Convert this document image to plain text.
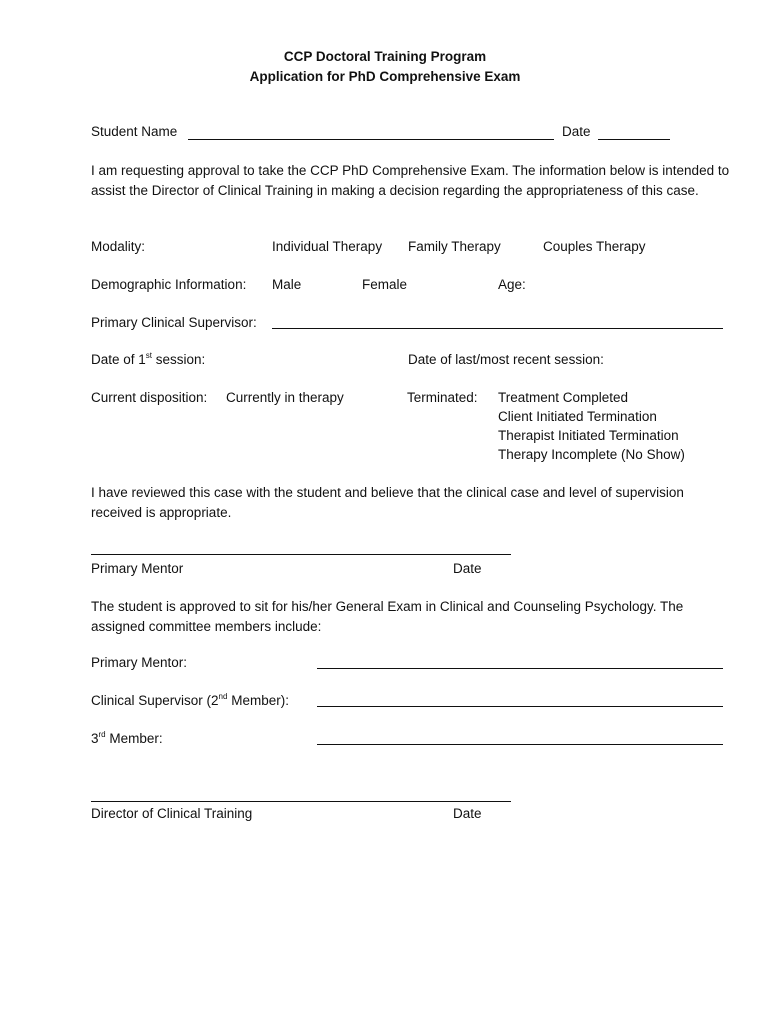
CCP Doctoral Training Program
Application for PhD Comprehensive Exam
Student Name	Date

I am requesting approval to take the CCP PhD Comprehensive Exam. The information below is intended to assist the Director of Clinical Training in making a decision regarding the appropriateness of this case.

Modality:	Individual Therapy Family Therapy	Couples Therapy
Demographic Information: Male	Female	Age:
Primary Clinical Supervisor:
Date of 1st session:	Date of last/most recent session:
Current disposition: Currently in therapy	Terminated: Treatment Completed
Client Initiated Termination
Therapist Initiated Termination
Therapy Incomplete (No Show)

I have reviewed this case with the student and believe that the clinical case and level of supervision received is appropriate.

Primary Mentor	Date

The student is approved to sit for his/her General Exam in Clinical and Counseling Psychology. The assigned committee members include:

Primary Mentor:
Clinical Supervisor (2nd Member):
3rd Member:
Director of Clinical Training	Date
